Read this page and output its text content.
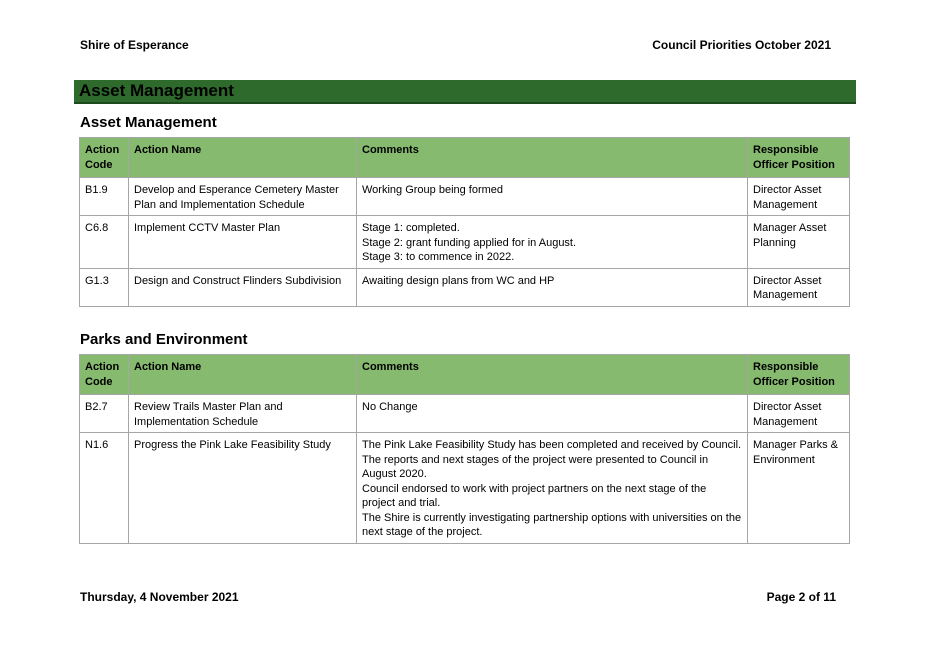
Shire of Esperance	Council Priorities October 2021
Asset Management
Asset Management
Action
Code	Action Name	Comments	Responsible
Officer Position
B1.9	Develop and Esperance Cemetery Master Plan and Implementation Schedule	Working Group being formed	Director Asset Management
C6.8	Implement CCTV Master Plan	Stage 1: completed.
Stage 2: grant funding applied for in August.
Stage 3: to commence in 2022.	Manager Asset Planning
G1.3	Design and Construct Flinders Subdivision	Awaiting design plans from WC and HP	Director Asset Management
Parks and Environment
Action
Code	Action Name	Comments	Responsible
Officer Position
B2.7	Review Trails Master Plan and Implementation Schedule	No Change	Director Asset Management
N1.6	Progress the Pink Lake Feasibility Study	The Pink Lake Feasibility Study has been completed and received by Council. The reports and next stages of the project were presented to Council in August 2020.
Council endorsed to work with project partners on the next stage of the project and trial.
The Shire is currently investigating partnership options with universities on the next stage of the project.	Manager Parks & Environment
Thursday, 4 November 2021	Page 2 of 11
